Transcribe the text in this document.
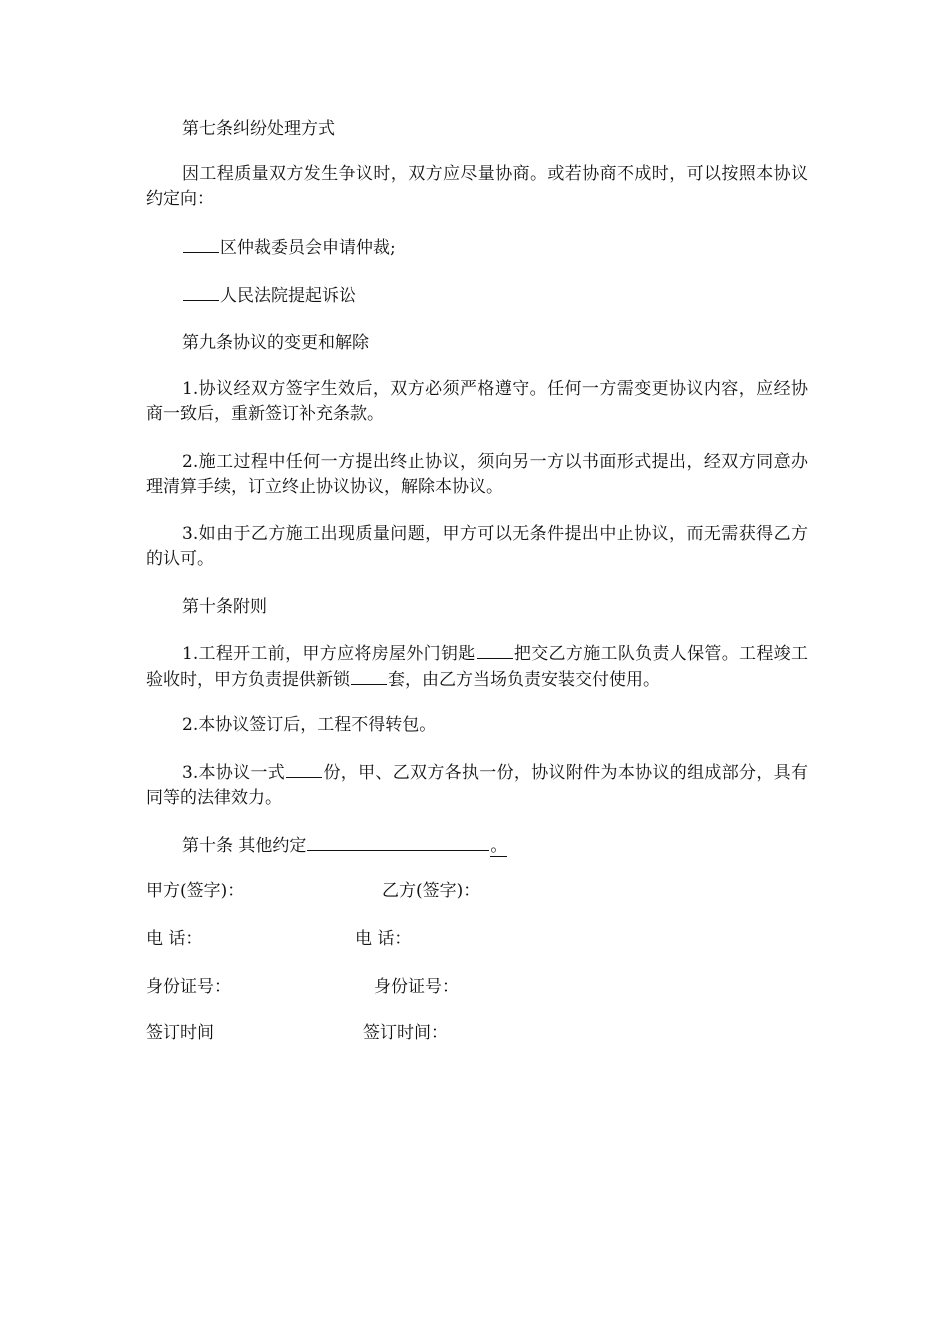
第七条纠纷处理方式

因工程质量双方发生争议时，双方应尽量协商。或若协商不成时，可以按照本协议约定向：

区仲裁委员会申请仲裁;

人民法院提起诉讼

第九条协议的变更和解除

1.协议经双方签字生效后，双方必须严格遵守。任何一方需变更协议内容，应经协商一致后，重新签订补充条款。

2.施工过程中任何一方提出终止协议，须向另一方以书面形式提出，经双方同意办理清算手续，订立终止协议协议，解除本协议。

3.如由于乙方施工出现质量问题，甲方可以无条件提出中止协议，而无需获得乙方的认可。

第十条附则

1.工程开工前，甲方应将房屋外门钥匙 把交乙方施工队负责人保管。工程竣工验收时，甲方负责提供新锁 套，由乙方当场负责安装交付使用。

2.本协议签订后，工程不得转包。

3.本协议一式 份，甲、乙双方各执一份，协议附件为本协议的组成部分，具有同等的法律效力。

第十条 其他约定	。

甲方(签字)：	乙方(签字)：
电 话：	电 话：
身份证号：	身份证号：
签订时间	签订时间：
